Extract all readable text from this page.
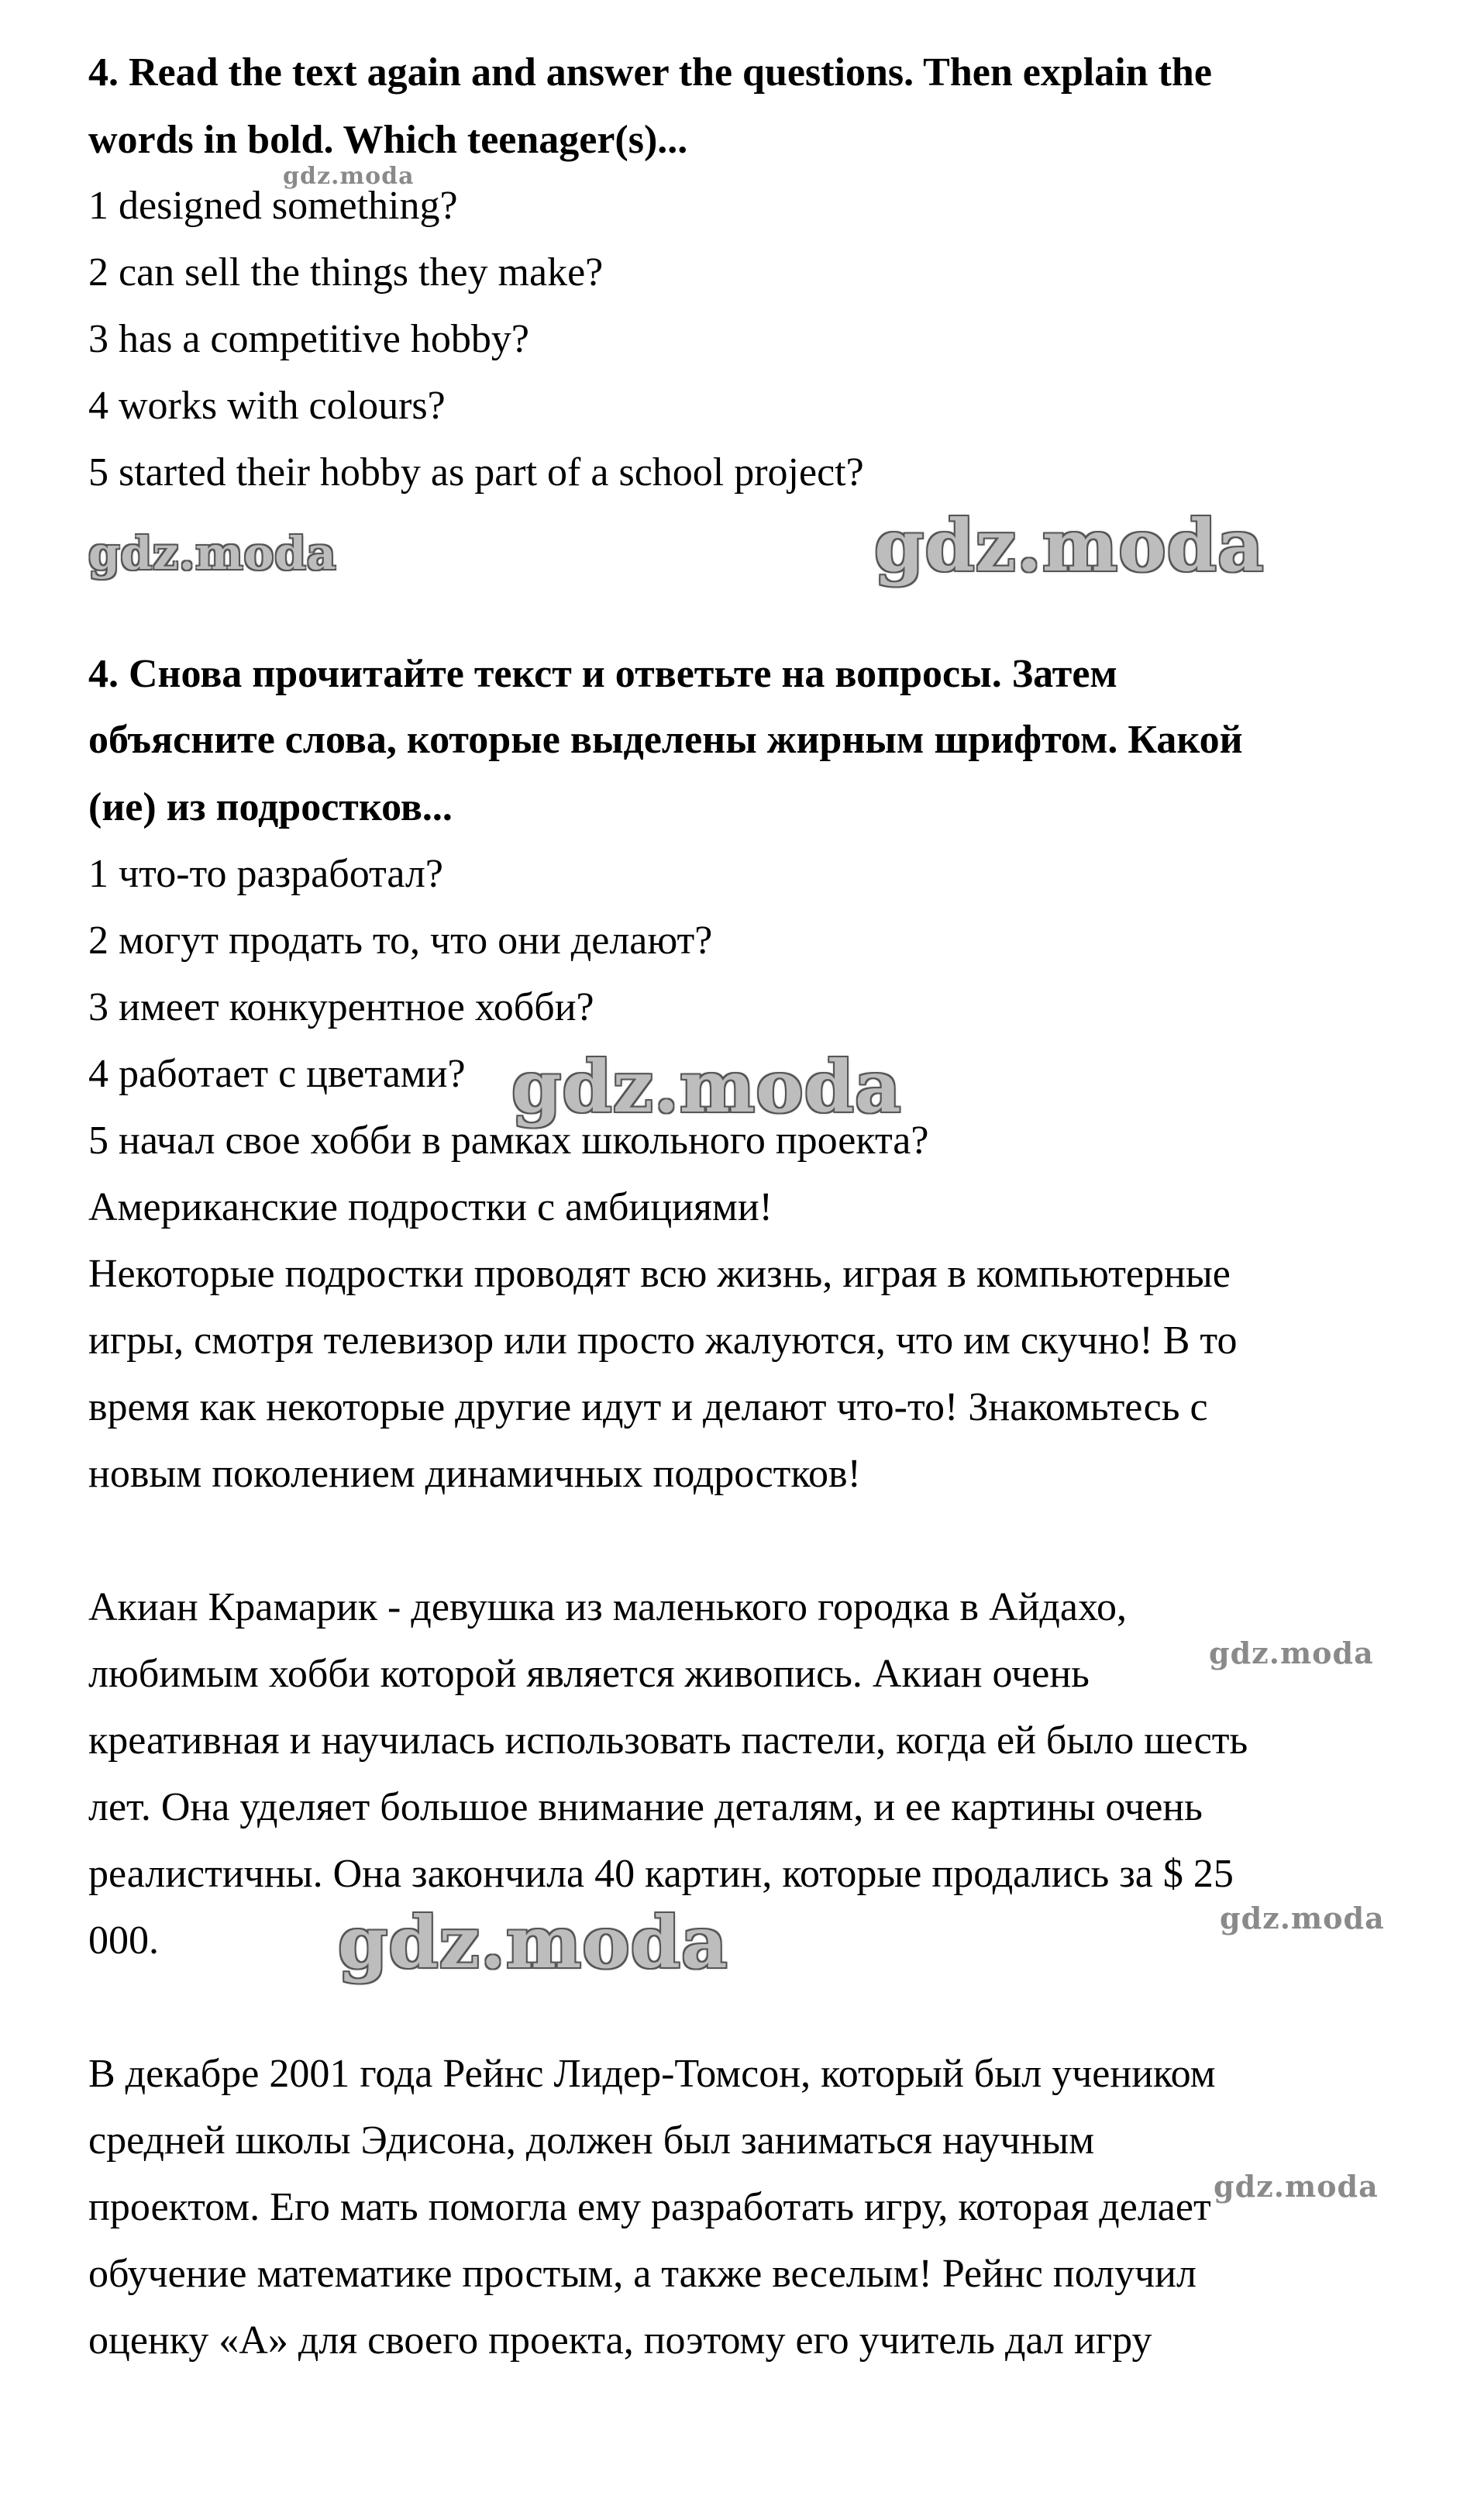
4. Read the text again and answer the questions. Then explain the
words in bold. Which teenager(s)...
1 designed something?
2 can sell the things they make?
3 has a competitive hobby?
4 works with colours?
5 started their hobby as part of a school project?
4. Снова прочитайте текст и ответьте на вопросы. Затем
объясните слова, которые выделены жирным шрифтом. Какой
(ие) из подростков...
1 что-то разработал?
2 могут продать то, что они делают?
3 имеет конкурентное хобби?
4 работает с цветами?
5 начал свое хобби в рамках школьного проекта?
Американские подростки с амбициями!
Некоторые подростки проводят всю жизнь, играя в компьютерные
игры, смотря телевизор или просто жалуются, что им скучно! В то
время как некоторые другие идут и делают что-то! Знакомьтесь с
новым поколением динамичных подростков!
Акиан Крамарик - девушка из маленького городка в Айдахо,
любимым хобби которой является живопись. Акиан очень
креативная и научилась использовать пастели, когда ей было шесть
лет. Она уделяет большое внимание деталям, и ее картины очень
реалистичны. Она закончила 40 картин, которые продались за $ 25
000.
В декабре 2001 года Рейнс Лидер-Томсон, который был учеником
средней школы Эдисона, должен был заниматься научным
проектом. Его мать помогла ему разработать игру, которая делает
обучение математике простым, а также веселым! Рейнс получил
оценку «А» для своего проекта, поэтому его учитель дал игру
gdz.moda
gdz.moda	gdz.moda
gdz.moda
gdz.moda
gdz.moda	gdz.moda
gdz.moda
